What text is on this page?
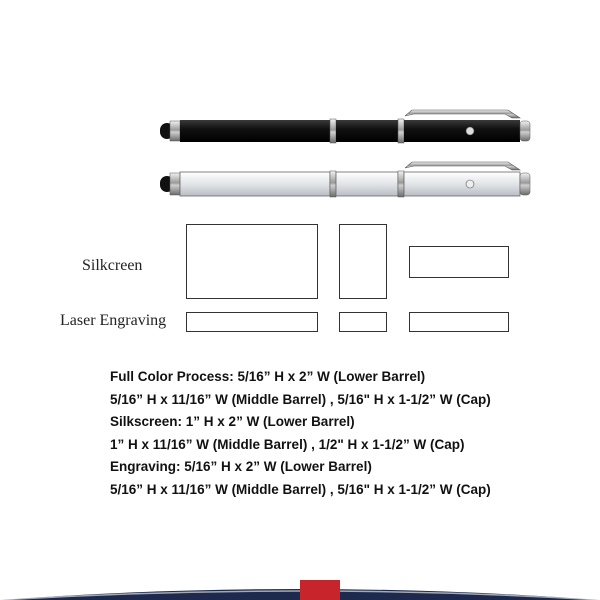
Silkcreen
Laser Engraving
Full Color Process: 5/16” H x 2” W (Lower Barrel)
5/16” H x 11/16” W (Middle Barrel) , 5/16" H x 1-1/2” W (Cap)
Silkscreen: 1” H x 2” W (Lower Barrel)
1” H x 11/16” W (Middle Barrel) , 1/2" H x 1-1/2” W (Cap)
Engraving: 5/16” H x 2” W (Lower Barrel)
5/16” H x 11/16” W (Middle Barrel) , 5/16" H x 1-1/2” W (Cap)
